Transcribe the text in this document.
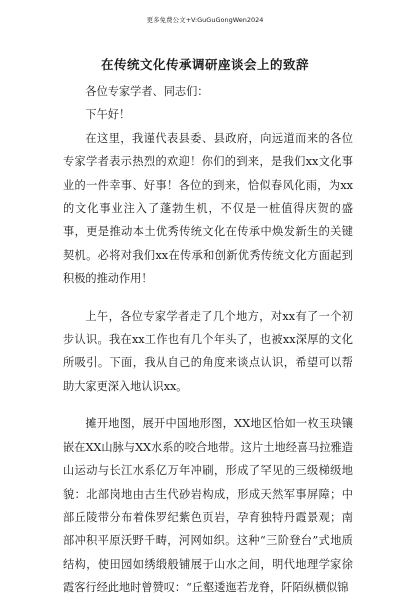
更多免费公文+V:GuGuGongWen2024
在传统文化传承调研座谈会上的致辞

各位专家学者、同志们：

下午好！

在这里，我谨代表县委、县政府，向远道而来的各位专家学者表示热烈的欢迎！你们的到来，是我们xx文化事业的一件幸事、好事！各位的到来，恰似春风化雨，为xx的文化事业注入了蓬勃生机，不仅是一桩值得庆贺的盛事，更是推动本土优秀传统文化在传承中焕发新生的关键契机。必将对我们xx在传承和创新优秀传统文化方面起到积极的推动作用！

上午，各位专家学者走了几个地方，对xx有了一个初步认识。我在xx工作也有几个年头了，也被xx深厚的文化所吸引。下面，我从自己的角度来谈点认识，希望可以帮助大家更深入地认识xx。

摊开地图，展开中国地形图，XX地区恰如一枚玉玦镶嵌在XX山脉与XX水系的咬合地带。这片土地经喜马拉雅造山运动与长江水系亿万年冲刷，形成了罕见的三级梯级地貌：北部岗地由古生代砂岩构成，形成天然军事屏障；中部丘陵带分布着侏罗纪紫色页岩，孕育独特丹霞景观；南部冲积平原沃野千畴，河网如织。这种“三阶登台”式地质结构，使田园如绣缎般铺展于山水之间，明代地理学家徐霞客行经此地时曾赞叹：“丘壑逶迤若龙脊，阡陌纵横似锦
